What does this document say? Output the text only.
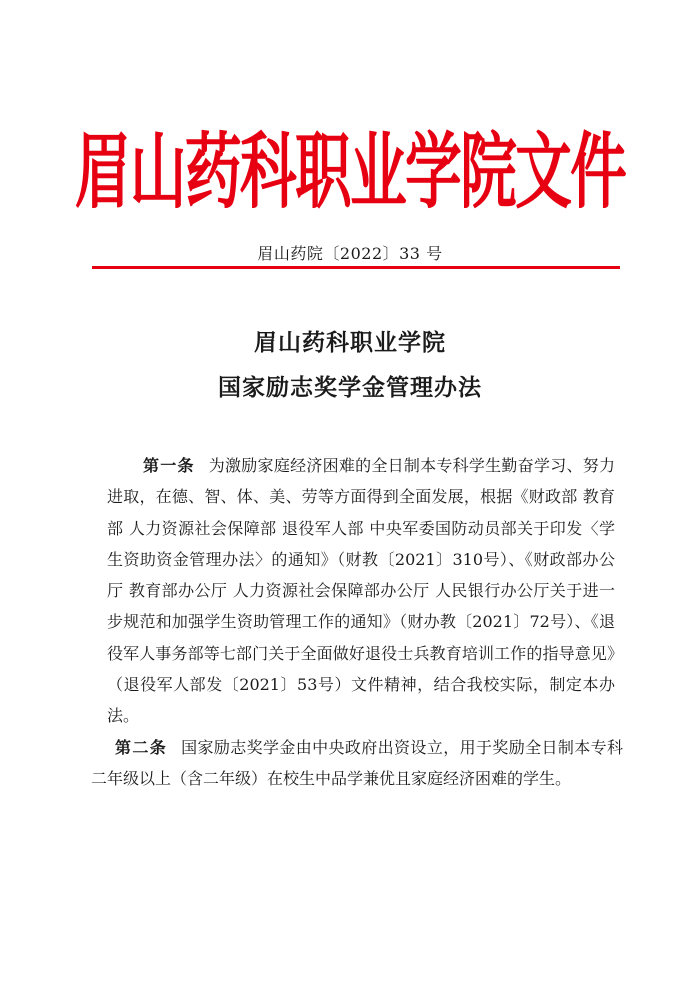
眉山药科职业学院文件
眉山药院〔2022〕33 号
眉山药科职业学院
国家励志奖学金管理办法

第一条 为激励家庭经济困难的全日制本专科学生勤奋学习、努力进取，在德、智、体、美、劳等方面得到全面发展，根据《财政部 教育部 人力资源社会保障部 退役军人部 中央军委国防动员部关于印发〈学生资助资金管理办法〉的通知》（财教〔2021〕310号）、《财政部办公厅 教育部办公厅 人力资源社会保障部办公厅 人民银行办公厅关于进一步规范和加强学生资助管理工作的通知》（财办教〔2021〕72号）、《退役军人事务部等七部门关于全面做好退役士兵教育培训工作的指导意见》（退役军人部发〔2021〕53号）文件精神，结合我校实际，制定本办法。

第二条 国家励志奖学金由中央政府出资设立，用于奖励全日制本专科二年级以上（含二年级）在校生中品学兼优且家庭经济困难的学生。
